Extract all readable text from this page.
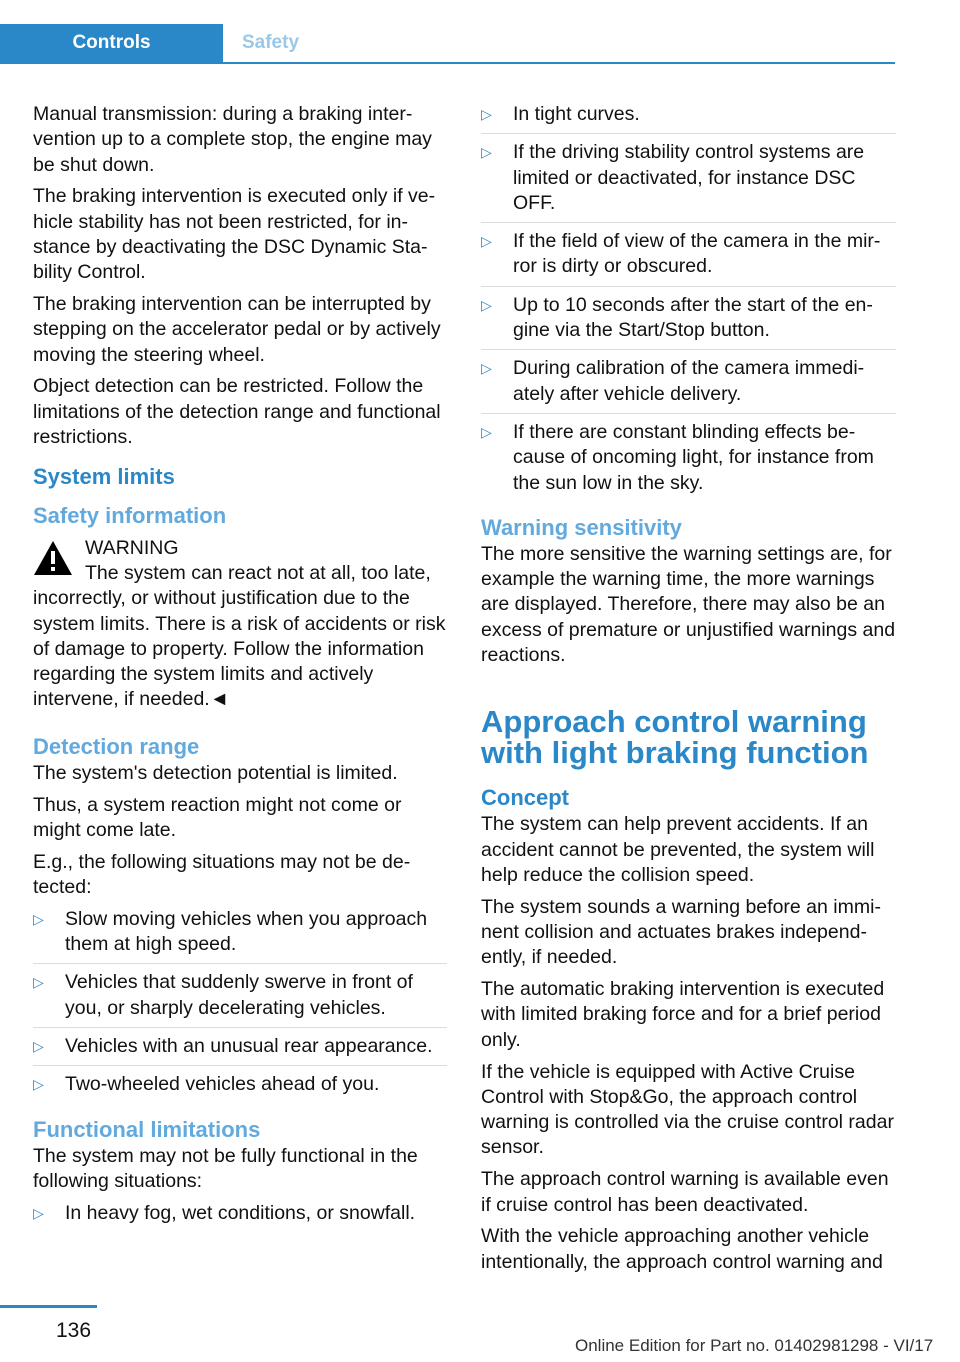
Controls	Safety

Manual transmission: during a braking intervention up to a complete stop, the engine may be shut down.

The braking intervention is executed only if vehicle stability has not been restricted, for instance by deactivating the DSC Dynamic Stability Control.

The braking intervention can be interrupted by stepping on the accelerator pedal or by actively moving the steering wheel.

Object detection can be restricted. Follow the limitations of the detection range and functional restrictions.

System limits
Safety information
WARNING

The system can react not at all, too late, incorrectly, or without justification due to the system limits. There is a risk of accidents or risk of damage to property. Follow the information regarding the system limits and actively intervene, if needed.◄

Detection range

The system's detection potential is limited.

Thus, a system reaction might not come or might come late.

E.g., the following situations may not be detected:

▷ Slow moving vehicles when you approach them at high speed.
▷ Vehicles that suddenly swerve in front of you, or sharply decelerating vehicles.
▷ Vehicles with an unusual rear appearance.
▷ Two-wheeled vehicles ahead of you.
Functional limitations

The system may not be fully functional in the following situations:

▷ In heavy fog, wet conditions, or snowfall.
▷ In tight curves.
▷ If the driving stability control systems are limited or deactivated, for instance DSC OFF.
▷ If the field of view of the camera in the mirror is dirty or obscured.
▷ Up to 10 seconds after the start of the engine via the Start/Stop button.
▷ During calibration of the camera immediately after vehicle delivery.
▷ If there are constant blinding effects because of oncoming light, for instance from the sun low in the sky.
Warning sensitivity

The more sensitive the warning settings are, for example the warning time, the more warnings are displayed. Therefore, there may also be an excess of premature or unjustified warnings and reactions.

Approach control warning with light braking function
Concept

The system can help prevent accidents. If an accident cannot be prevented, the system will help reduce the collision speed.

The system sounds a warning before an imminent collision and actuates brakes independently, if needed.

The automatic braking intervention is executed with limited braking force and for a brief period only.

If the vehicle is equipped with Active Cruise Control with Stop&Go, the approach control warning is controlled via the cruise control radar sensor.

The approach control warning is available even if cruise control has been deactivated.

With the vehicle approaching another vehicle intentionally, the approach control warning and

136
Online Edition for Part no. 01402981298 - VI/17
